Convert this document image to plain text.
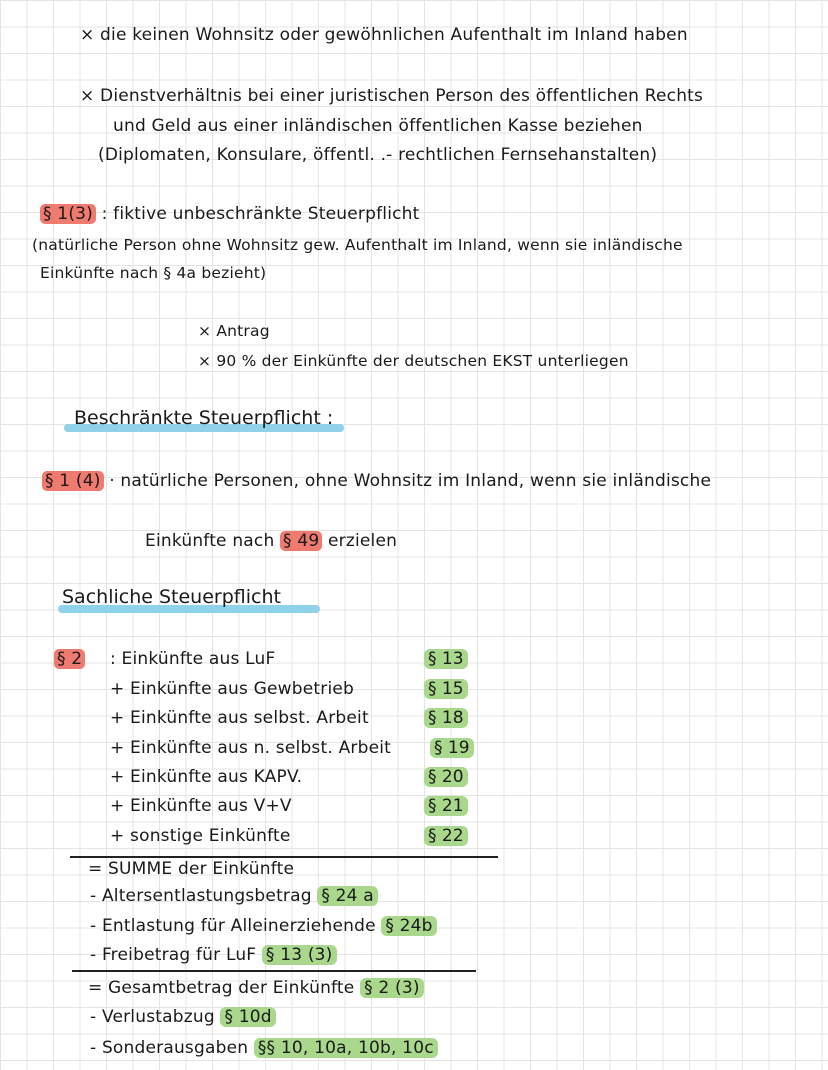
× die keinen Wohnsitz oder gewöhnlichen Aufenthalt im Inland haben
× Dienstverhältnis bei einer juristischen Person des öffentlichen Rechts
und Geld aus einer inländischen öffentlichen Kasse beziehen
(Diplomaten, Konsulare, öffentl. .- rechtlichen Fernsehanstalten)
§ 1(3) : fiktive unbeschränkte Steuerpflicht
(natürliche Person ohne Wohnsitz gew. Aufenthalt im Inland, wenn sie inländische
Einkünfte nach § 4a bezieht)
× Antrag
× 90 % der Einkünfte der deutschen EKST unterliegen
Beschränkte Steuerpflicht :
§ 1 (4) · natürliche Personen, ohne Wohnsitz im Inland, wenn sie inländische
Einkünfte nach § 49 erzielen
Sachliche Steuerpflicht
§ 2 : Einkünfte aus LuF
+ Einkünfte aus Gewbetrieb
+ Einkünfte aus selbst. Arbeit
+ Einkünfte aus n. selbst. Arbeit
+ Einkünfte aus KAPV.
+ Einkünfte aus V+V
+ sonstige Einkünfte
§ 13
§ 15
§ 18
§ 19
§ 20
§ 21
§ 22
= SUMME der Einkünfte
- Altersentlastungsbetrag § 24 a
- Entlastung für Alleinerziehende § 24b
- Freibetrag für LuF § 13 (3)
= Gesamtbetrag der Einkünfte § 2 (3)
- Verlustabzug § 10d
- Sonderausgaben §§ 10, 10a, 10b, 10c
